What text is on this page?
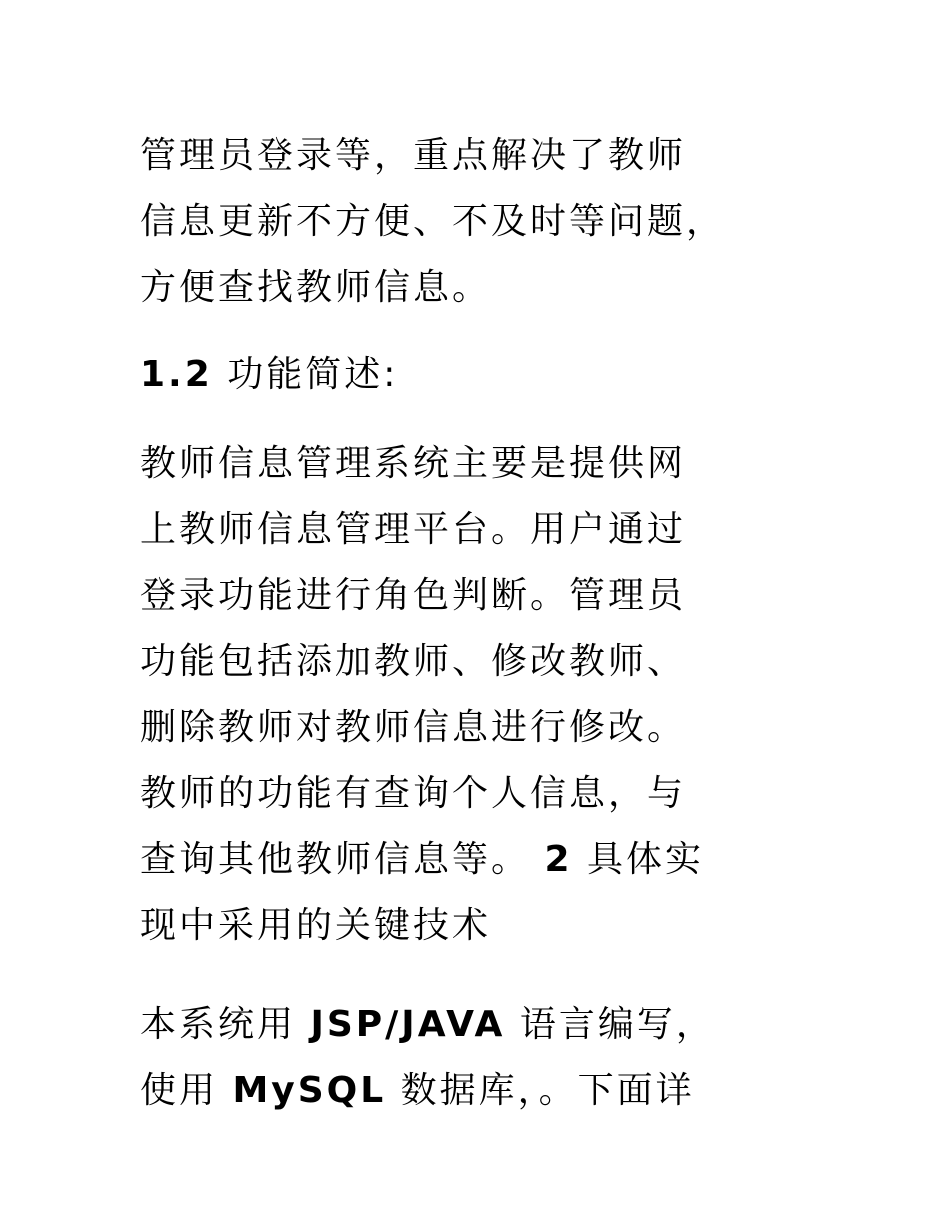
管理员登录等，重点解决了教师
信息更新不方便、不及时等问题，
方便查找教师信息。
1.2 功能简述:
教师信息管理系统主要是提供网
上教师信息管理平台。用户通过
登录功能进行角色判断。管理员
功能包括添加教师、修改教师、
删除教师对教师信息进行修改。
教师的功能有查询个人信息，与
查询其他教师信息等。 2 具体实
现中采用的关键技术
本系统用 JSP/JAVA 语言编写，
使用 MySQL 数据库，。下面详
